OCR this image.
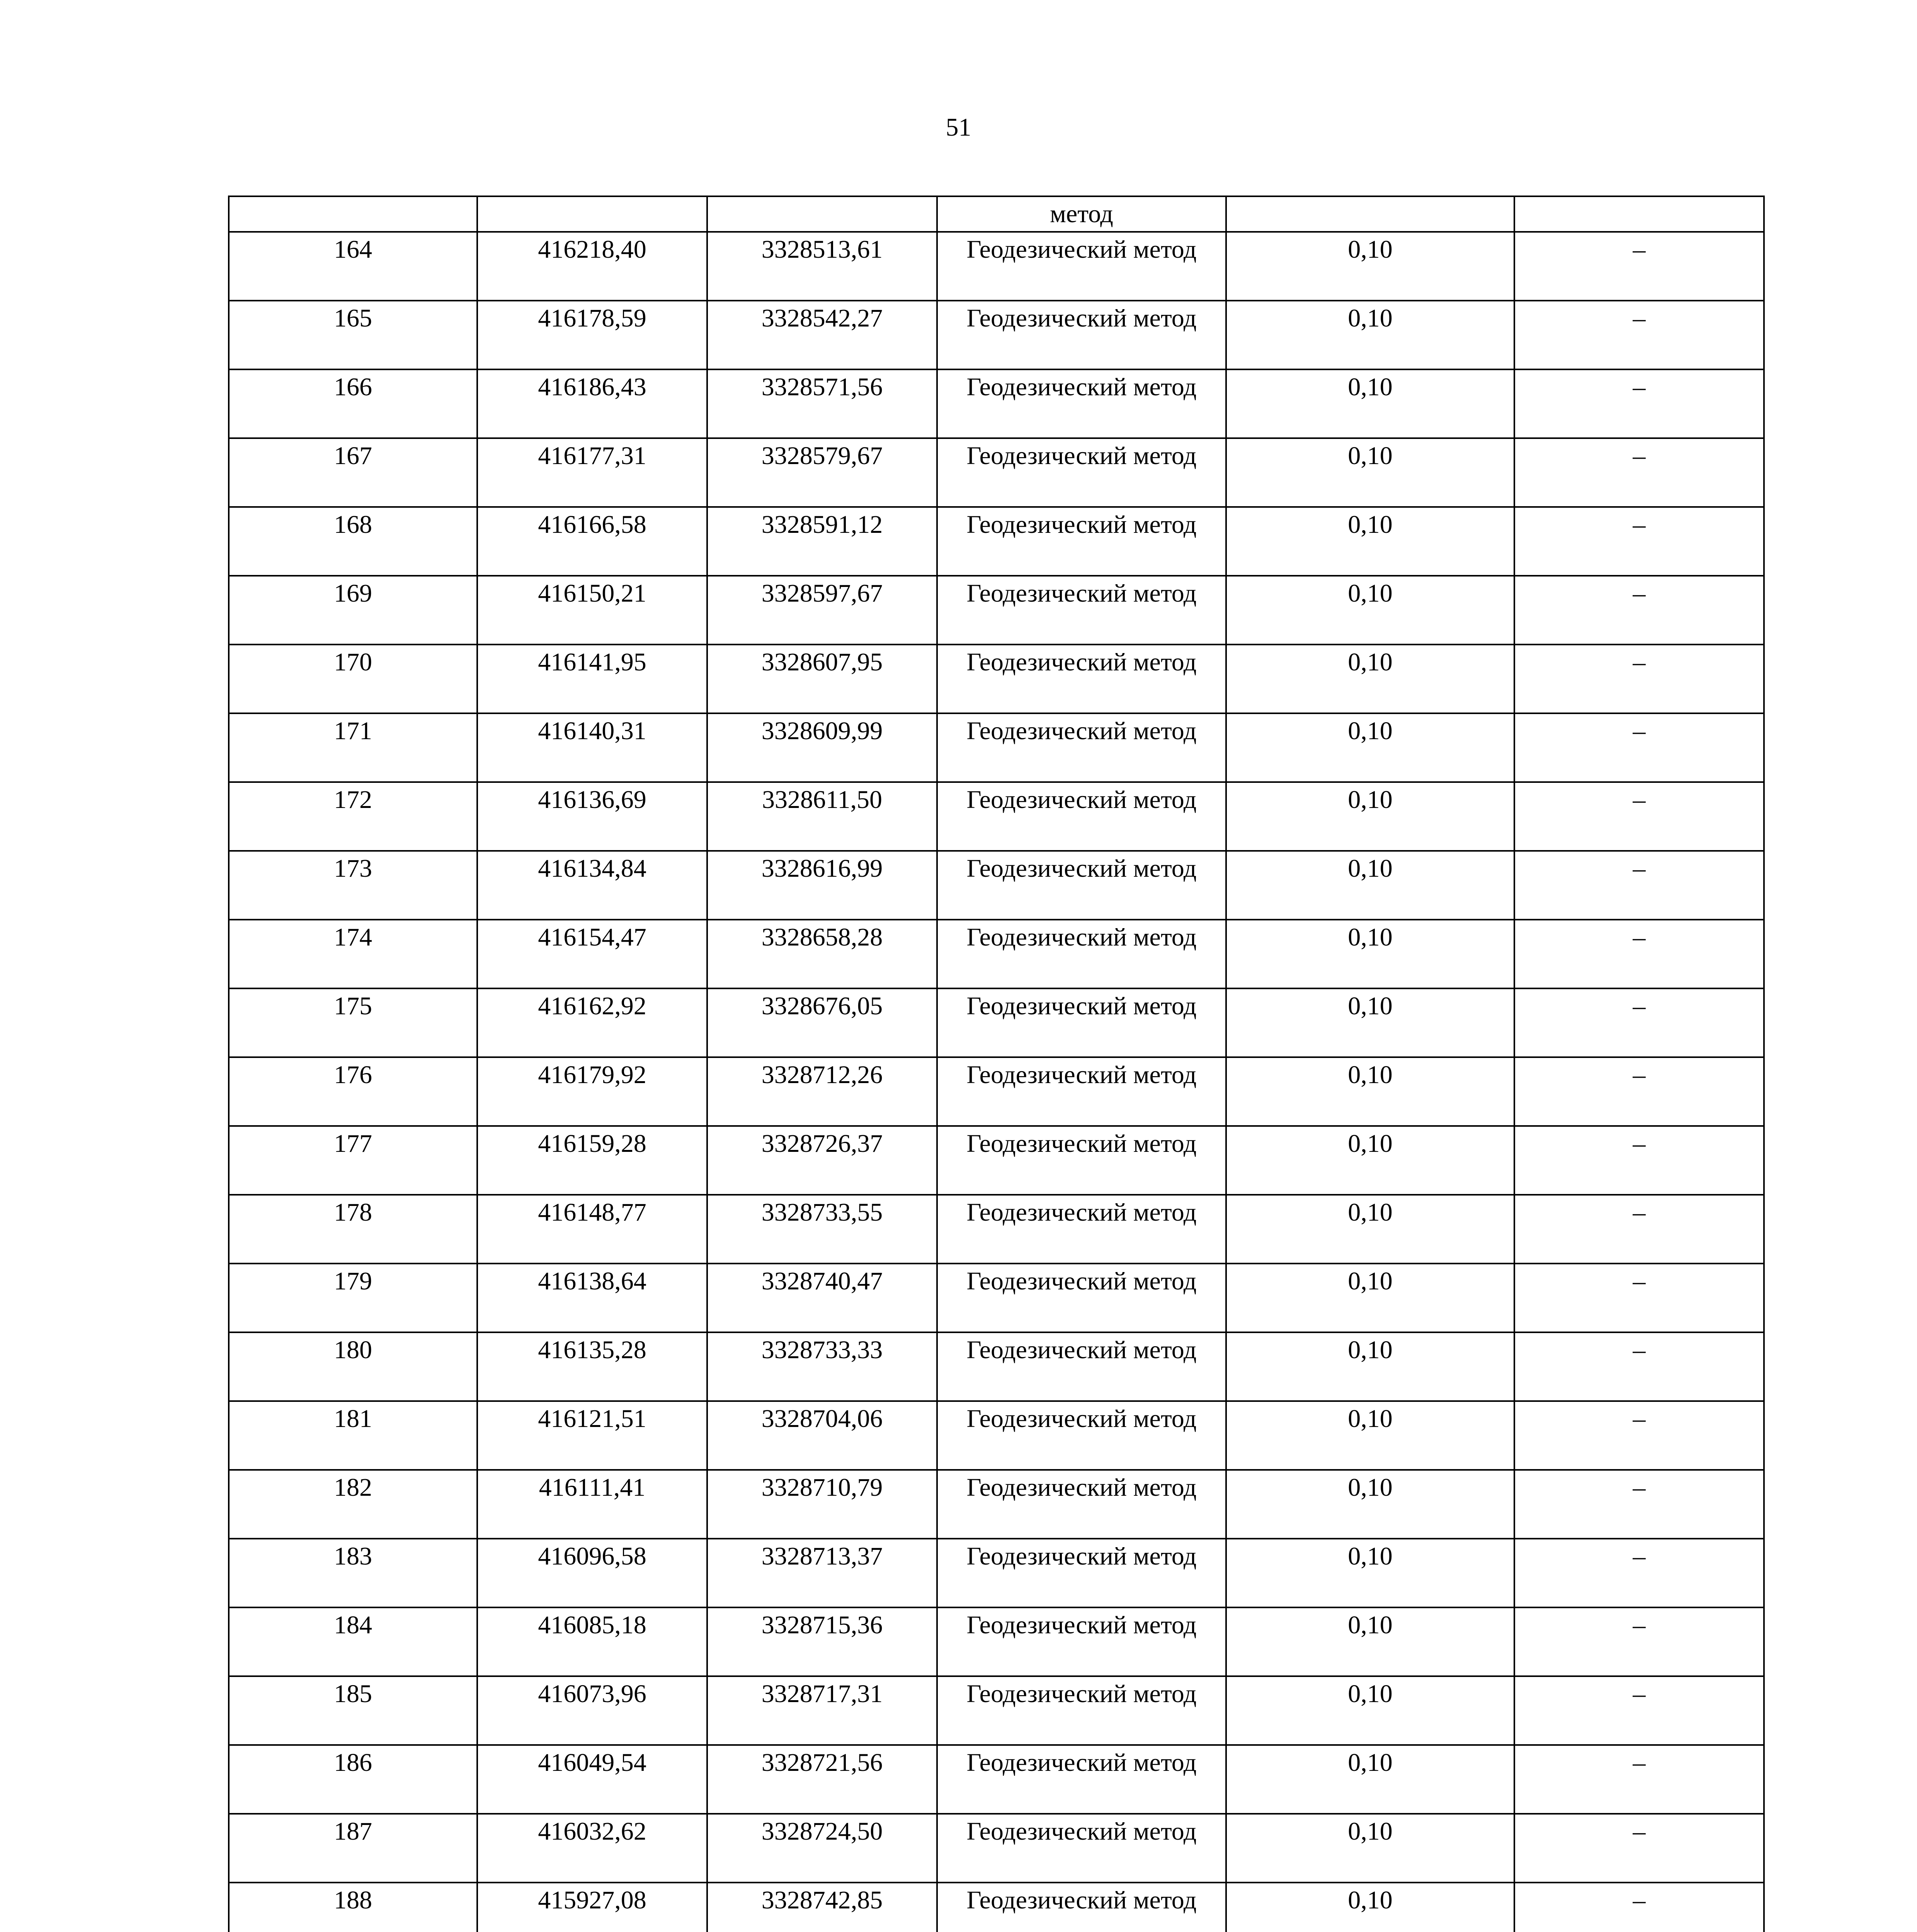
51
			метод		
164	416218,40	3328513,61	Геодезический метод	0,10	–
165	416178,59	3328542,27	Геодезический метод	0,10	–
166	416186,43	3328571,56	Геодезический метод	0,10	–
167	416177,31	3328579,67	Геодезический метод	0,10	–
168	416166,58	3328591,12	Геодезический метод	0,10	–
169	416150,21	3328597,67	Геодезический метод	0,10	–
170	416141,95	3328607,95	Геодезический метод	0,10	–
171	416140,31	3328609,99	Геодезический метод	0,10	–
172	416136,69	3328611,50	Геодезический метод	0,10	–
173	416134,84	3328616,99	Геодезический метод	0,10	–
174	416154,47	3328658,28	Геодезический метод	0,10	–
175	416162,92	3328676,05	Геодезический метод	0,10	–
176	416179,92	3328712,26	Геодезический метод	0,10	–
177	416159,28	3328726,37	Геодезический метод	0,10	–
178	416148,77	3328733,55	Геодезический метод	0,10	–
179	416138,64	3328740,47	Геодезический метод	0,10	–
180	416135,28	3328733,33	Геодезический метод	0,10	–
181	416121,51	3328704,06	Геодезический метод	0,10	–
182	416111,41	3328710,79	Геодезический метод	0,10	–
183	416096,58	3328713,37	Геодезический метод	0,10	–
184	416085,18	3328715,36	Геодезический метод	0,10	–
185	416073,96	3328717,31	Геодезический метод	0,10	–
186	416049,54	3328721,56	Геодезический метод	0,10	–
187	416032,62	3328724,50	Геодезический метод	0,10	–
188	415927,08	3328742,85	Геодезический метод	0,10	–
